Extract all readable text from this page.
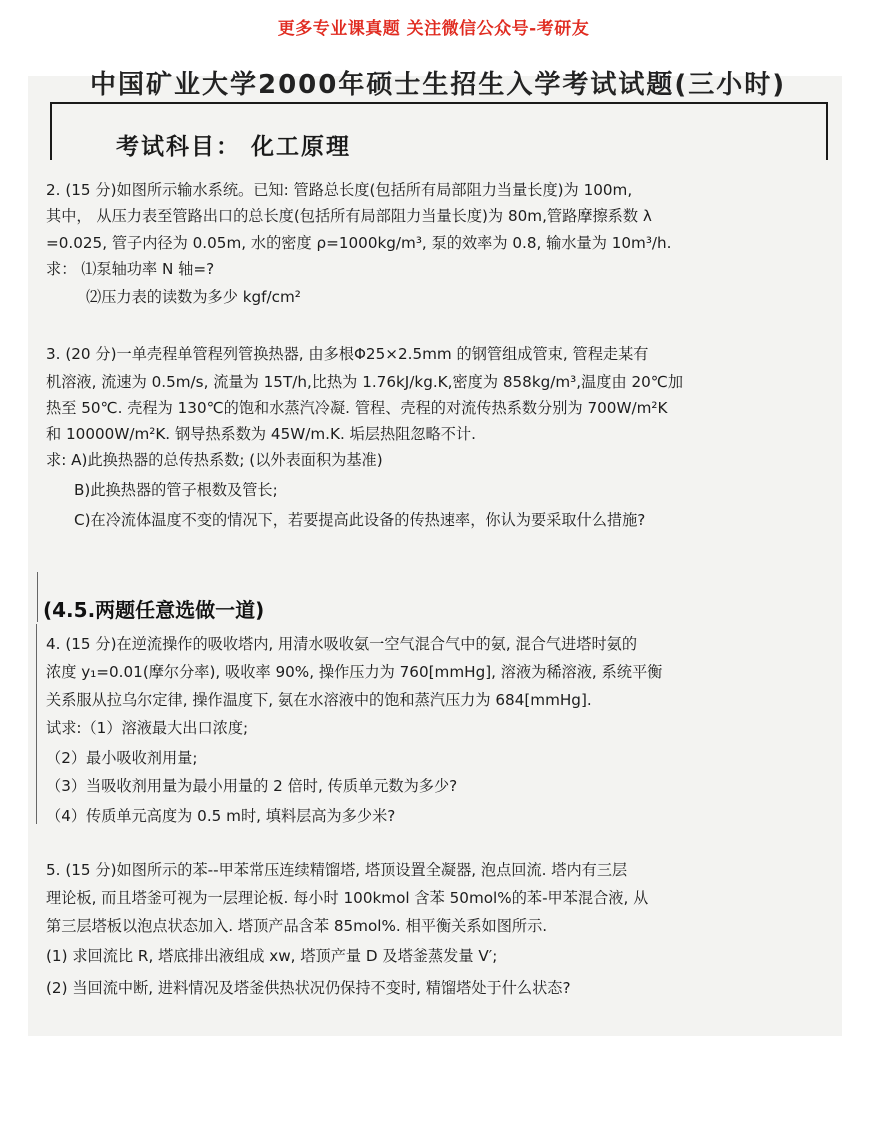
更多专业课真题 关注微信公众号-考研友
中国矿业大学2000年硕士生招生入学考试试题(三小时)
考试科目： 化工原理
2. (15 分)如图所示输水系统。已知: 管路总长度(包括所有局部阻力当量长度)为 100m,
其中， 从压力表至管路出口的总长度(包括所有局部阻力当量长度)为 80m,管路摩擦系数 λ
=0.025, 管子内径为 0.05m, 水的密度 ρ=1000kg/m³, 泵的效率为 0.8, 输水量为 10m³/h.
求： ⑴泵轴功率 N 轴=?
⑵压力表的读数为多少 kgf/cm²
3. (20 分)一单壳程单管程列管换热器, 由多根Φ25×2.5mm 的钢管组成管束, 管程走某有
机溶液, 流速为 0.5m/s, 流量为 15T/h,比热为 1.76kJ/kg.K,密度为 858kg/m³,温度由 20℃加
热至 50℃. 壳程为 130℃的饱和水蒸汽冷凝. 管程、壳程的对流传热系数分别为 700W/m²K
和 10000W/m²K. 钢导热系数为 45W/m.K. 垢层热阻忽略不计.
求: A)此换热器的总传热系数; (以外表面积为基准)
B)此换热器的管子根数及管长;
C)在冷流体温度不变的情况下，若要提高此设备的传热速率，你认为要采取什么措施?
(4.5.两题任意选做一道)
4. (15 分)在逆流操作的吸收塔内, 用清水吸收氨一空气混合气中的氨, 混合气进塔时氨的
浓度 y₁=0.01(摩尔分率), 吸收率 90%, 操作压力为 760[mmHg], 溶液为稀溶液, 系统平衡
关系服从拉乌尔定律, 操作温度下, 氨在水溶液中的饱和蒸汽压力为 684[mmHg].
试求:（1）溶液最大出口浓度;
（2）最小吸收剂用量;
（3）当吸收剂用量为最小用量的 2 倍时, 传质单元数为多少?
（4）传质单元高度为 0.5 m时, 填料层高为多少米?
5. (15 分)如图所示的苯--甲苯常压连续精馏塔, 塔顶设置全凝器, 泡点回流. 塔内有三层
理论板, 而且塔釜可视为一层理论板. 每小时 100kmol 含苯 50mol%的苯-甲苯混合液, 从
第三层塔板以泡点状态加入. 塔顶产品含苯 85mol%. 相平衡关系如图所示.
(1) 求回流比 R, 塔底排出液组成 xw, 塔顶产量 D 及塔釜蒸发量 V′;
(2) 当回流中断, 进料情况及塔釜供热状况仍保持不变时, 精馏塔处于什么状态?
